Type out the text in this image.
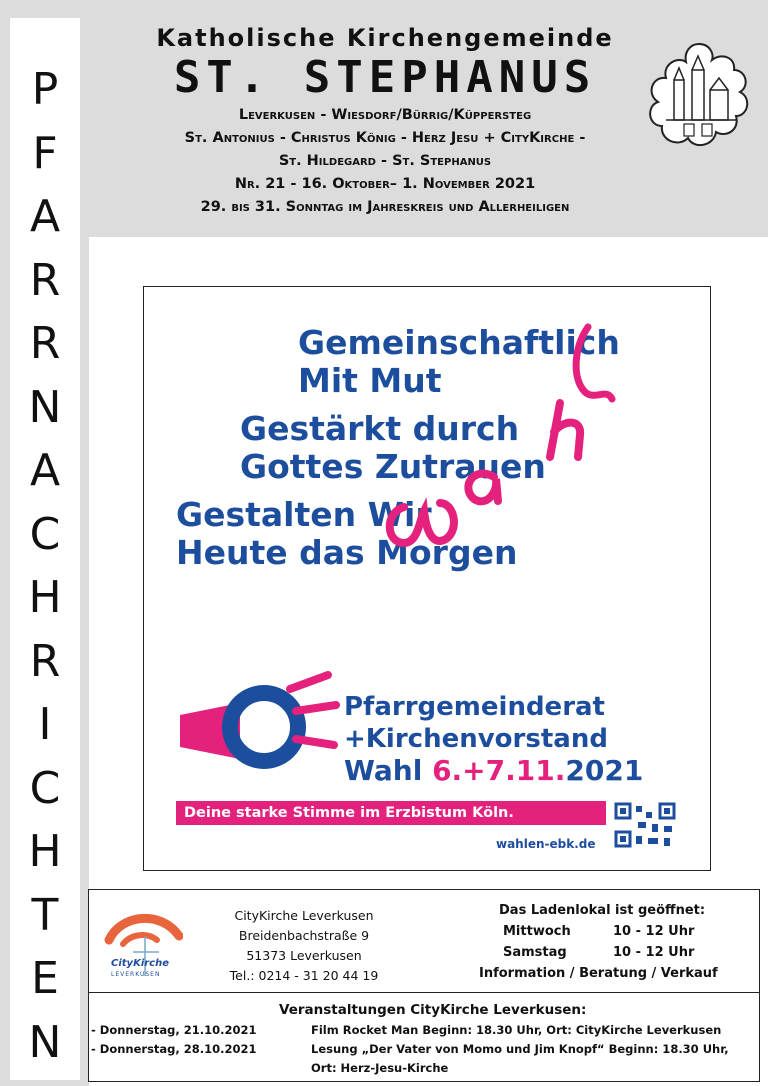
P
F
A
R
R
N
A
C
H
R
I
C
H
T
E
N
Katholische Kirchengemeinde
ST. STEPHANUS
Leverkusen - Wiesdorf/Bürrig/Küppersteg
St. Antonius - Christus König - Herz Jesu + CityKirche -
St. Hildegard - St. Stephanus
Nr. 21 - 16. Oktober– 1. November 2021
29. bis 31. Sonntag im Jahreskreis und Allerheiligen
Gemeinschaftlich
Mit Mut
Gestärkt durch
Gottes Zutrauen
Gestalten Wir
Heute das Morgen
Pfarrgemeinderat
+Kirchenvorstand
Wahl 6.+7.11.2021
Deine starke Stimme im Erzbistum Köln.
wahlen-ebk.de
CityKirche
LEVERKUSEN
CityKirche Leverkusen
Breidenbachstraße 9
51373 Leverkusen
Tel.: 0214 - 31 20 44 19
Das Ladenlokal ist geöffnet:
Mittwoch	10 - 12 Uhr
Samstag	10 - 12 Uhr
Information / Beratung / Verkauf
Veranstaltungen CityKirche Leverkusen:
- Donnerstag, 21.10.2021	Film Rocket Man Beginn: 18.30 Uhr, Ort: CityKirche Leverkusen
- Donnerstag, 28.10.2021	Lesung „Der Vater von Momo und Jim Knopf“ Beginn: 18.30 Uhr,
Ort: Herz-Jesu-Kirche
